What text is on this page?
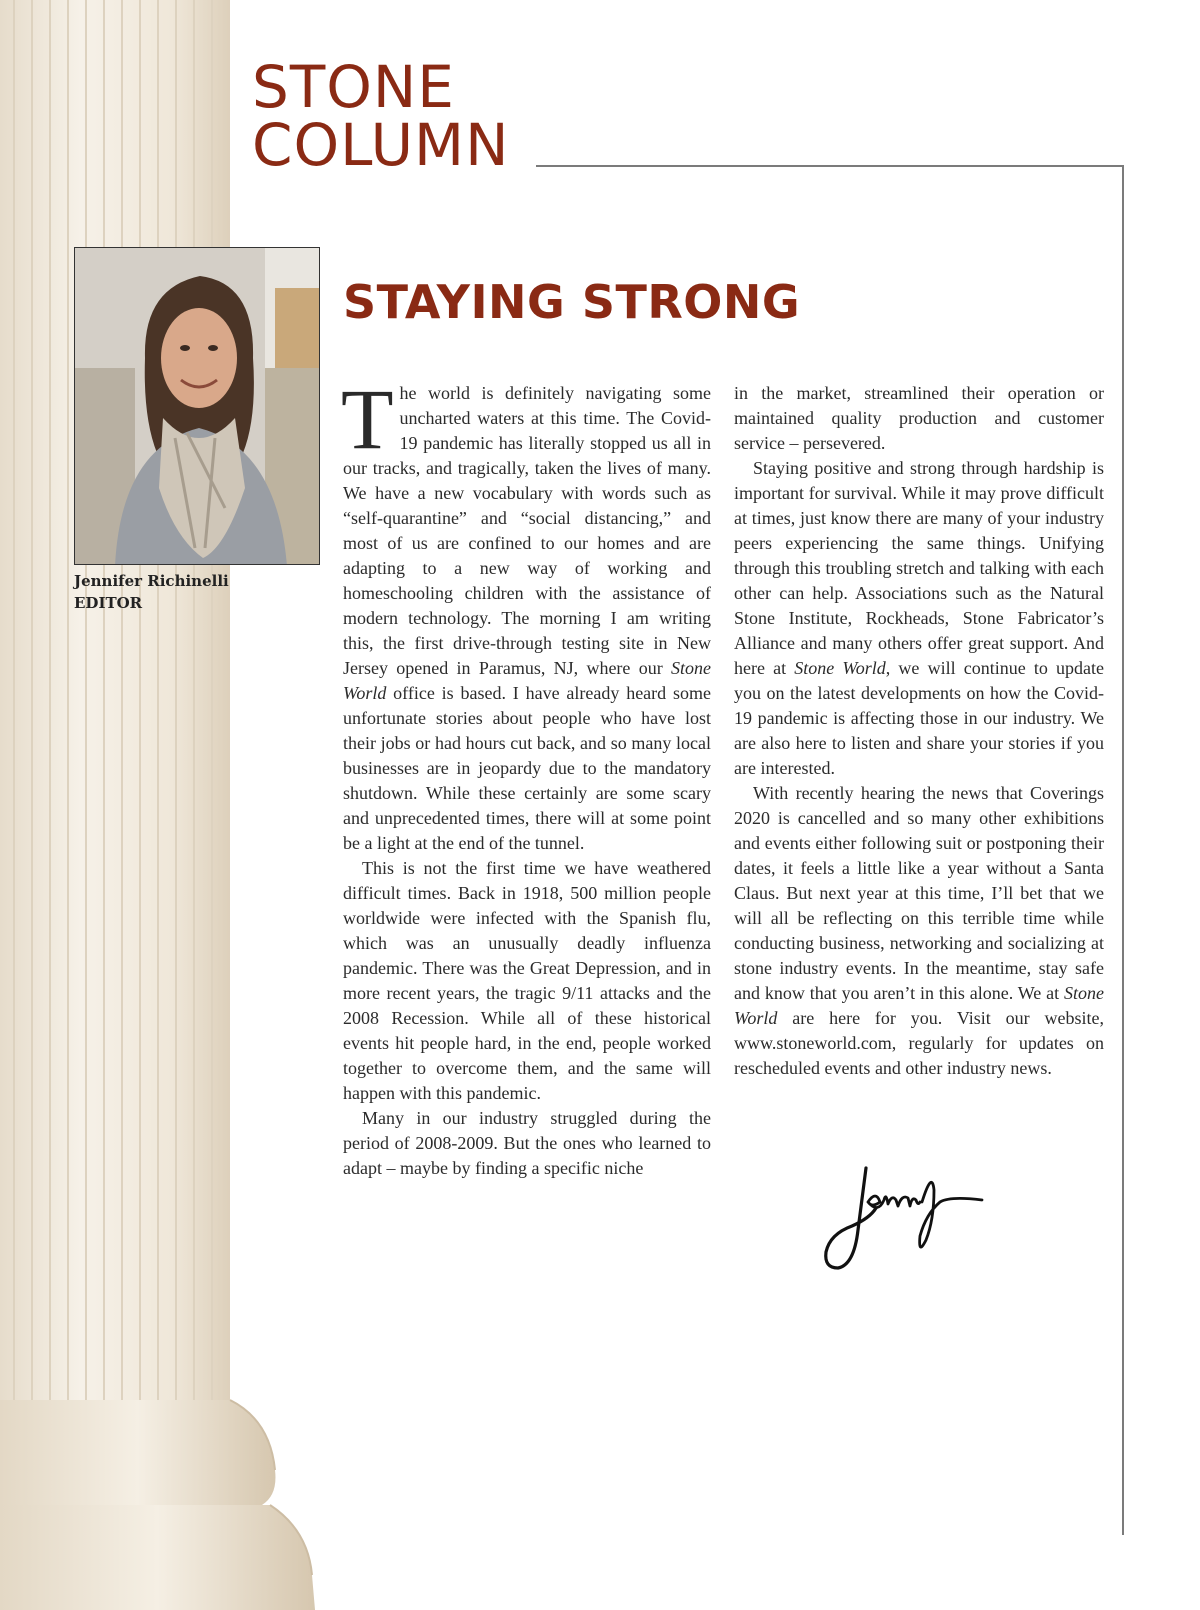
STONE
COLUMN
Jennifer Richinelli
EDITOR
STAYING STRONG

The world is definitely navigating some uncharted waters at this time. The Covid-19 pandemic has literally stopped us all in our tracks, and tragically, taken the lives of many. We have a new vocabulary with words such as “self-quarantine” and “social distancing,” and most of us are confined to our homes and are adapting to a new way of working and homeschooling children with the assistance of modern technology. The morning I am writing this, the first drive-through testing site in New Jersey opened in Paramus, NJ, where our Stone World office is based. I have already heard some unfortunate stories about people who have lost their jobs or had hours cut back, and so many local businesses are in jeopardy due to the mandatory shutdown. While these certainly are some scary and unprecedented times, there will at some point be a light at the end of the tunnel.

This is not the first time we have weathered difficult times. Back in 1918, 500 million people worldwide were infected with the Spanish flu, which was an unusually deadly influenza pandemic. There was the Great Depression, and in more recent years, the tragic 9/11 attacks and the 2008 Recession. While all of these historical events hit people hard, in the end, people worked together to overcome them, and the same will happen with this pandemic.

Many in our industry struggled during the period of 2008-2009. But the ones who learned to adapt – maybe by finding a specific niche

in the market, streamlined their operation or maintained quality production and customer service – persevered.

Staying positive and strong through hardship is important for survival. While it may prove difficult at times, just know there are many of your industry peers experiencing the same things. Unifying through this troubling stretch and talking with each other can help. Associations such as the Natural Stone Institute, Rockheads, Stone Fabricator’s Alliance and many others offer great support. And here at Stone World, we will continue to update you on the latest developments on how the Covid-19 pandemic is affecting those in our industry. We are also here to listen and share your stories if you are interested.

With recently hearing the news that Coverings 2020 is cancelled and so many other exhibitions and events either following suit or postponing their dates, it feels a little like a year without a Santa Claus. But next year at this time, I’ll bet that we will all be reflecting on this terrible time while conducting business, networking and socializing at stone industry events. In the meantime, stay safe and know that you aren’t in this alone. We at Stone World are here for you. Visit our website, www.stoneworld.com, regularly for updates on rescheduled events and other industry news.
